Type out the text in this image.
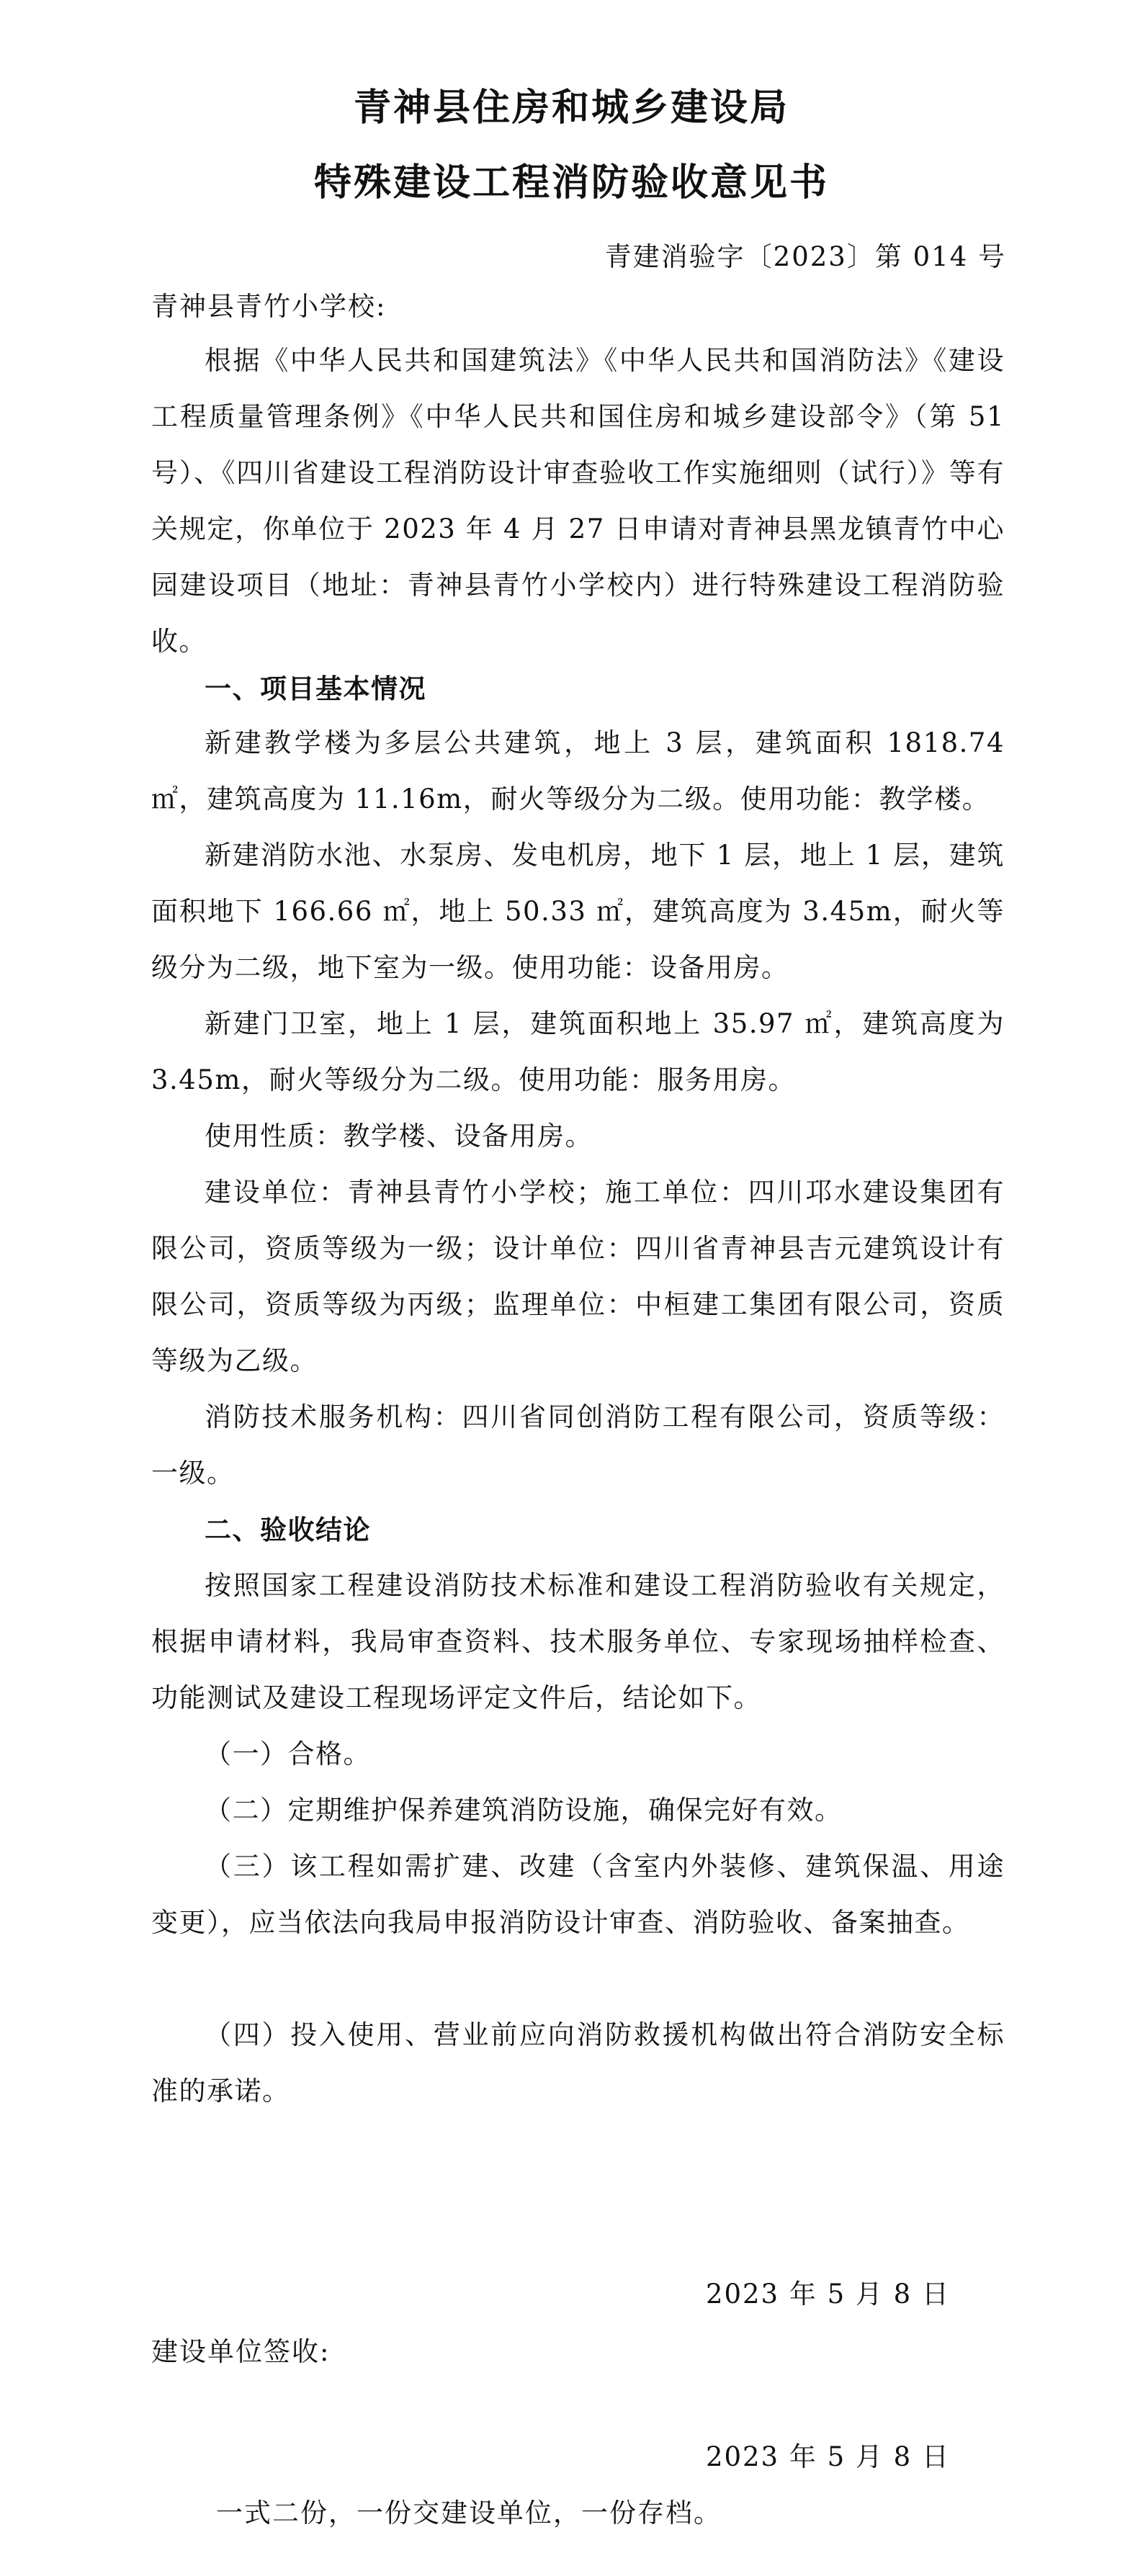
青神县住房和城乡建设局
特殊建设工程消防验收意见书
青建消验字〔2023〕第 014 号
青神县青竹小学校:
根据《中华人民共和国建筑法》《中华人民共和国消防法》《建设工程质量管理条例》《中华人民共和国住房和城乡建设部令》（第 51 号）、《四川省建设工程消防设计审查验收工作实施细则（试行）》等有关规定，你单位于 2023 年 4 月 27 日申请对青神县黑龙镇青竹中心园建设项目（地址：青神县青竹小学校内）进行特殊建设工程消防验收。
一、项目基本情况
新建教学楼为多层公共建筑，地上 3 层，建筑面积 1818.74 ㎡，建筑高度为 11.16m，耐火等级分为二级。使用功能：教学楼。
新建消防水池、水泵房、发电机房，地下 1 层，地上 1 层，建筑面积地下 166.66 ㎡，地上 50.33 ㎡，建筑高度为 3.45m，耐火等级分为二级，地下室为一级。使用功能：设备用房。
新建门卫室，地上 1 层，建筑面积地上 35.97 ㎡，建筑高度为 3.45m，耐火等级分为二级。使用功能：服务用房。
使用性质：教学楼、设备用房。
建设单位：青神县青竹小学校；施工单位：四川邛水建设集团有限公司，资质等级为一级；设计单位：四川省青神县吉元建筑设计有限公司，资质等级为丙级；监理单位：中桓建工集团有限公司，资质等级为乙级。
消防技术服务机构：四川省同创消防工程有限公司，资质等级：一级。
二、验收结论
按照国家工程建设消防技术标准和建设工程消防验收有关规定，根据申请材料，我局审查资料、技术服务单位、专家现场抽样检查、功能测试及建设工程现场评定文件后，结论如下。
（一）合格。
（二）定期维护保养建筑消防设施，确保完好有效。
（三）该工程如需扩建、改建（含室内外装修、建筑保温、用途变更），应当依法向我局申报消防设计审查、消防验收、备案抽查。
（四）投入使用、营业前应向消防救援机构做出符合消防安全标准的承诺。
2023 年 5 月 8 日
建设单位签收:
2023 年 5 月 8 日
一式二份，一份交建设单位，一份存档。
